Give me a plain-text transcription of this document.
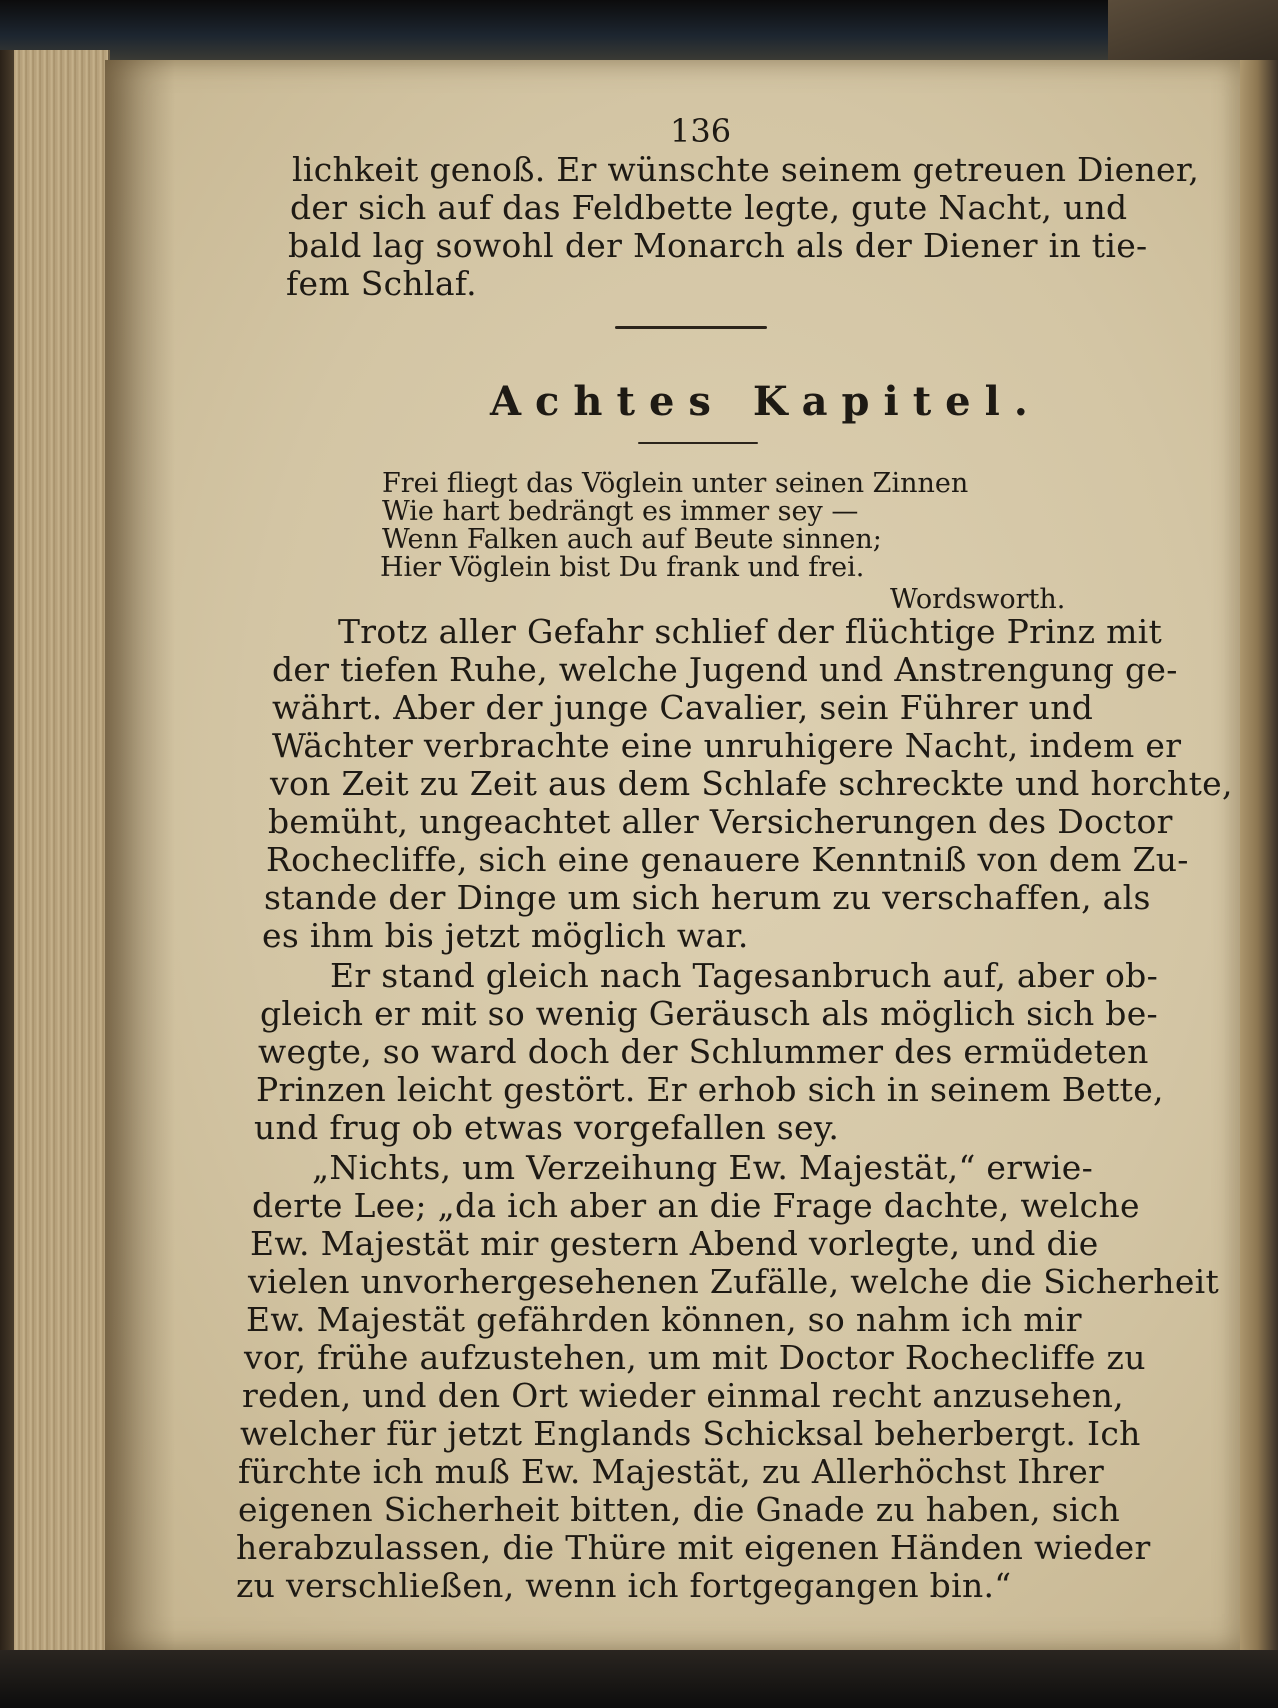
136

lichkeit genoß. Er wünschte seinem getreuen Diener,

der sich auf das Feldbette legte, gute Nacht, und

bald lag sowohl der Monarch als der Diener in tie-

fem Schlaf.

Achtes Kapitel.

Frei fliegt das Vöglein unter seinen Zinnen

Wie hart bedrängt es immer sey —

Wenn Falken auch auf Beute sinnen;

Hier Vöglein bist Du frank und frei.

Wordsworth.

Trotz aller Gefahr schlief der flüchtige Prinz mit

der tiefen Ruhe, welche Jugend und Anstrengung ge-

währt. Aber der junge Cavalier, sein Führer und

Wächter verbrachte eine unruhigere Nacht, indem er

von Zeit zu Zeit aus dem Schlafe schreckte und horchte,

bemüht, ungeachtet aller Versicherungen des Doctor

Rochecliffe, sich eine genauere Kenntniß von dem Zu-

stande der Dinge um sich herum zu verschaffen, als

es ihm bis jetzt möglich war.

Er stand gleich nach Tagesanbruch auf, aber ob-

gleich er mit so wenig Geräusch als möglich sich be-

wegte, so ward doch der Schlummer des ermüdeten

Prinzen leicht gestört. Er erhob sich in seinem Bette,

und frug ob etwas vorgefallen sey.

„Nichts, um Verzeihung Ew. Majestät,“ erwie-

derte Lee; „da ich aber an die Frage dachte, welche

Ew. Majestät mir gestern Abend vorlegte, und die

vielen unvorhergesehenen Zufälle, welche die Sicherheit

Ew. Majestät gefährden können, so nahm ich mir

vor, frühe aufzustehen, um mit Doctor Rochecliffe zu

reden, und den Ort wieder einmal recht anzusehen,

welcher für jetzt Englands Schicksal beherbergt. Ich

fürchte ich muß Ew. Majestät, zu Allerhöchst Ihrer

eigenen Sicherheit bitten, die Gnade zu haben, sich

herabzulassen, die Thüre mit eigenen Händen wieder

zu verschließen, wenn ich fortgegangen bin.“
